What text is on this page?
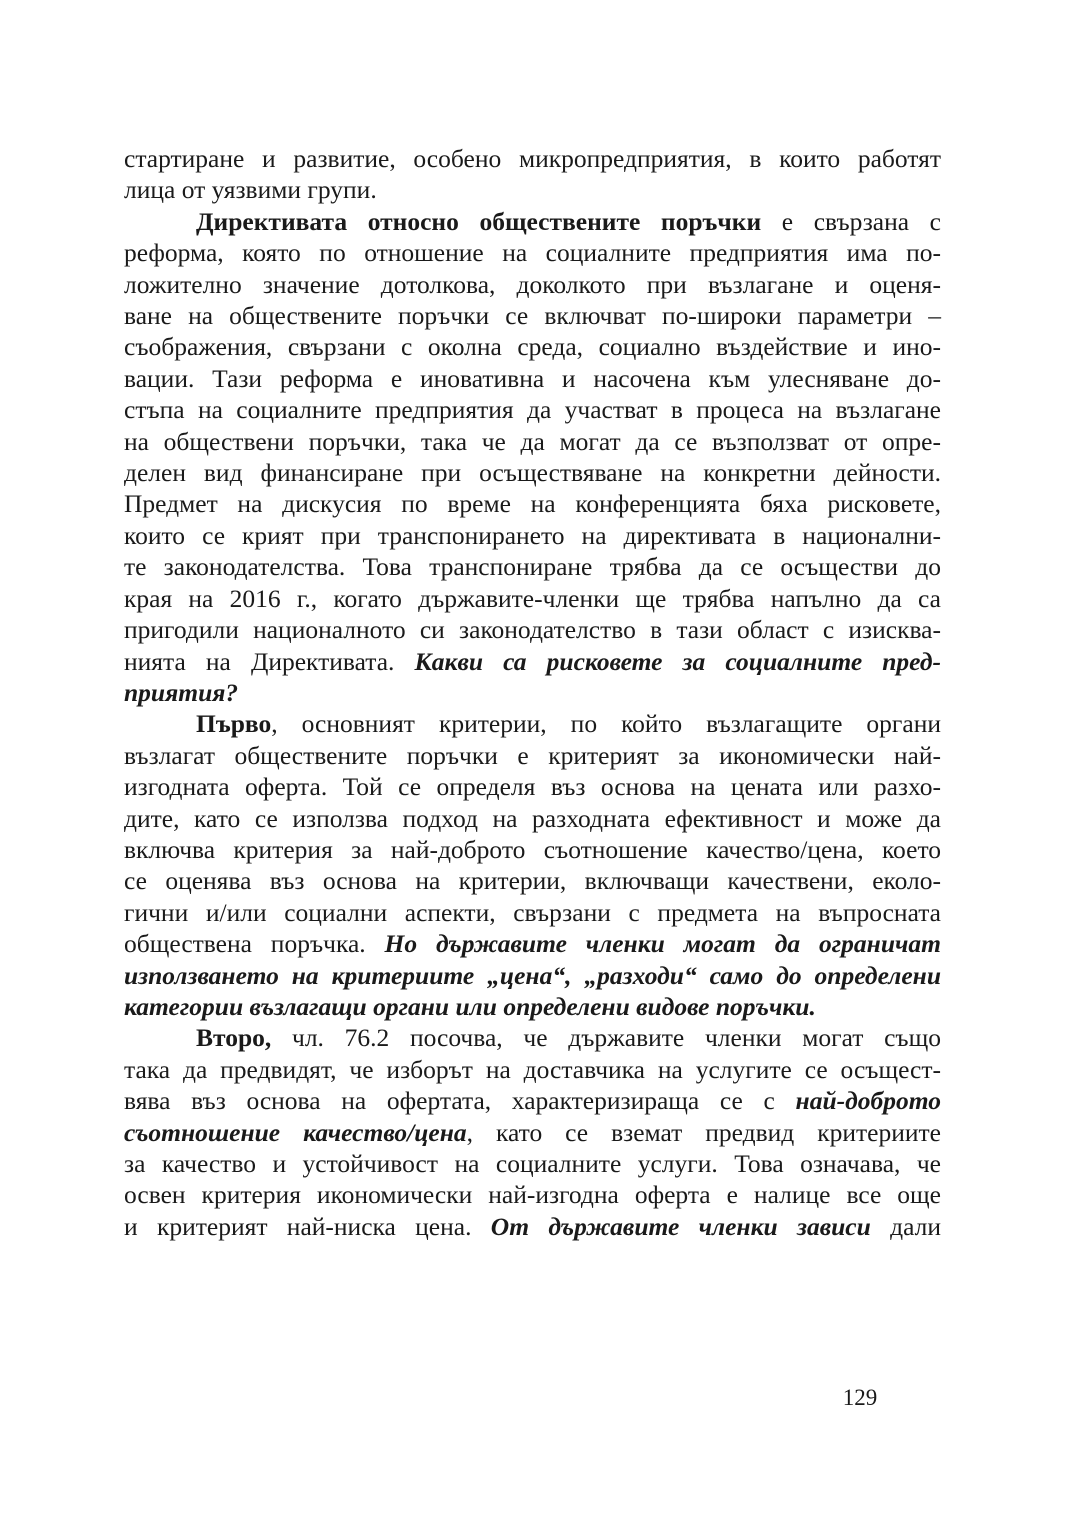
стартиране и развитие, особено микропредприятия, в които работят
лица от уязвими групи.
Директивата относно обществените поръчки е свързана с
реформа, която по отношение на социалните предприятия има по-
ложително значение дотолкова, доколкото при възлагане и оценя-
ване на обществените поръчки се включват по-широки параметри –
съображения, свързани с околна среда, социално въздействие и ино-
вации. Тази реформа е иновативна и насочена към улесняване до-
стъпа на социалните предприятия да участват в процеса на възлагане
на обществени поръчки, така че да могат да се възползват от опре-
делен вид финансиране при осъществяване на конкретни дейности.
Предмет на дискусия по време на конференцията бяха рисковете,
които се крият при транспонирането на директивата в национални-
те законодателства. Това транспониране трябва да се осъществи до
края на 2016 г., когато държавите-членки ще трябва напълно да са
пригодили националното си законодателство в тази област с изисква-
нията на Директивата. Какви са рисковете за социалните пред-
приятия?
Първо, основният критерии, по който възлагащите органи
възлагат обществените поръчки е критерият за икономически най-
изгодната оферта. Той се определя въз основа на цената или разхо-
дите, като се използва подход на разходната ефективност и може да
включва критерия за най-доброто съотношение качество/цена, което
се оценява въз основа на критерии, включващи качествени, еколо-
гични и/или социални аспекти, свързани с предмета на въпросната
обществена поръчка. Но държавите членки могат да ограничат
използването на критериите „цена“, „разходи“ само до определени
категории възлагащи органи или определени видове поръчки.
Второ, чл. 76.2 посочва, че държавите членки могат също
така да предвидят, че изборът на доставчика на услугите се осъщест-
вява въз основа на офертата, характеризираща се с най-доброто
съотношение качество/цена, като се вземат предвид критериите
за качество и устойчивост на социалните услуги. Това означава, че
освен критерия икономически най-изгодна оферта е налице все още
и критерият най-ниска цена. От държавите членки зависи дали
129
